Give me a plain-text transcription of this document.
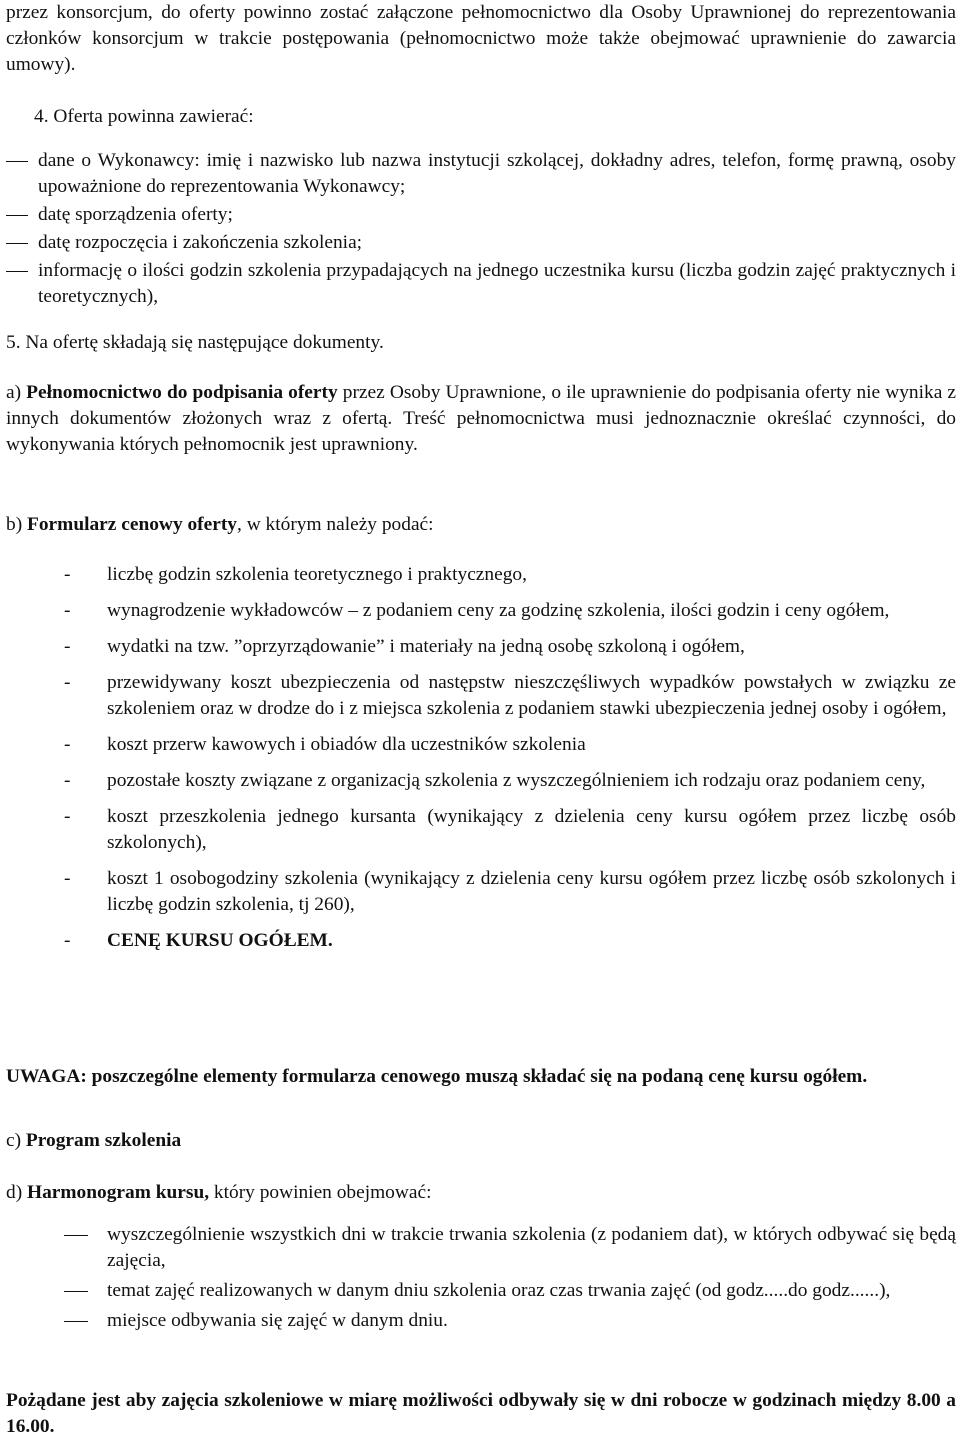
przez konsorcjum, do oferty powinno zostać załączone pełnomocnictwo dla Osoby Uprawnionej do reprezentowania członków konsorcjum w trakcie postępowania (pełnomocnictwo może także obejmować uprawnienie do zawarcia umowy).

4. Oferta powinna zawierać:

dane o Wykonawcy: imię i nazwisko lub nazwa instytucji szkolącej, dokładny adres, telefon, formę prawną, osoby upoważnione do reprezentowania Wykonawcy;
datę sporządzenia oferty;
datę rozpoczęcia i zakończenia szkolenia;
informację o ilości godzin szkolenia przypadających na jednego uczestnika kursu (liczba godzin zajęć praktycznych i teoretycznych),

5. Na ofertę składają się następujące dokumenty.

a) Pełnomocnictwo do podpisania oferty przez Osoby Uprawnione, o ile uprawnienie do podpisania oferty nie wynika z innych dokumentów złożonych wraz z ofertą. Treść pełnomocnictwa musi jednoznacznie określać czynności, do wykonywania których pełnomocnik jest uprawniony.

b) Formularz cenowy oferty, w którym należy podać:

- liczbę godzin szkolenia teoretycznego i praktycznego,
- wynagrodzenie wykładowców – z podaniem ceny za godzinę szkolenia, ilości godzin i ceny ogółem,
- wydatki na tzw. ”oprzyrządowanie” i materiały na jedną osobę szkoloną i ogółem,
- przewidywany koszt ubezpieczenia od następstw nieszczęśliwych wypadków powstałych w związku ze szkoleniem oraz w drodze do i z miejsca szkolenia z podaniem stawki ubezpieczenia jednej osoby i ogółem,
- koszt przerw kawowych i obiadów dla uczestników szkolenia
- pozostałe koszty związane z organizacją szkolenia z wyszczególnieniem ich rodzaju oraz podaniem ceny,
- koszt przeszkolenia jednego kursanta (wynikający z dzielenia ceny kursu ogółem przez liczbę osób szkolonych),
- koszt 1 osobogodziny szkolenia (wynikający z dzielenia ceny kursu ogółem przez liczbę osób szkolonych i liczbę godzin szkolenia, tj 260),
- CENĘ KURSU OGÓŁEM.

UWAGA: poszczególne elementy formularza cenowego muszą składać się na podaną cenę kursu ogółem.

c) Program szkolenia

d) Harmonogram kursu, który powinien obejmować:

wyszczególnienie wszystkich dni w trakcie trwania szkolenia (z podaniem dat), w których odbywać się będą zajęcia,
temat zajęć realizowanych w danym dniu szkolenia oraz czas trwania zajęć (od godz.....do godz......),
miejsce odbywania się zajęć w danym dniu.

Pożądane jest aby zajęcia szkoleniowe w miarę możliwości odbywały się w dni robocze w godzinach między 8.00 a 16.00.
